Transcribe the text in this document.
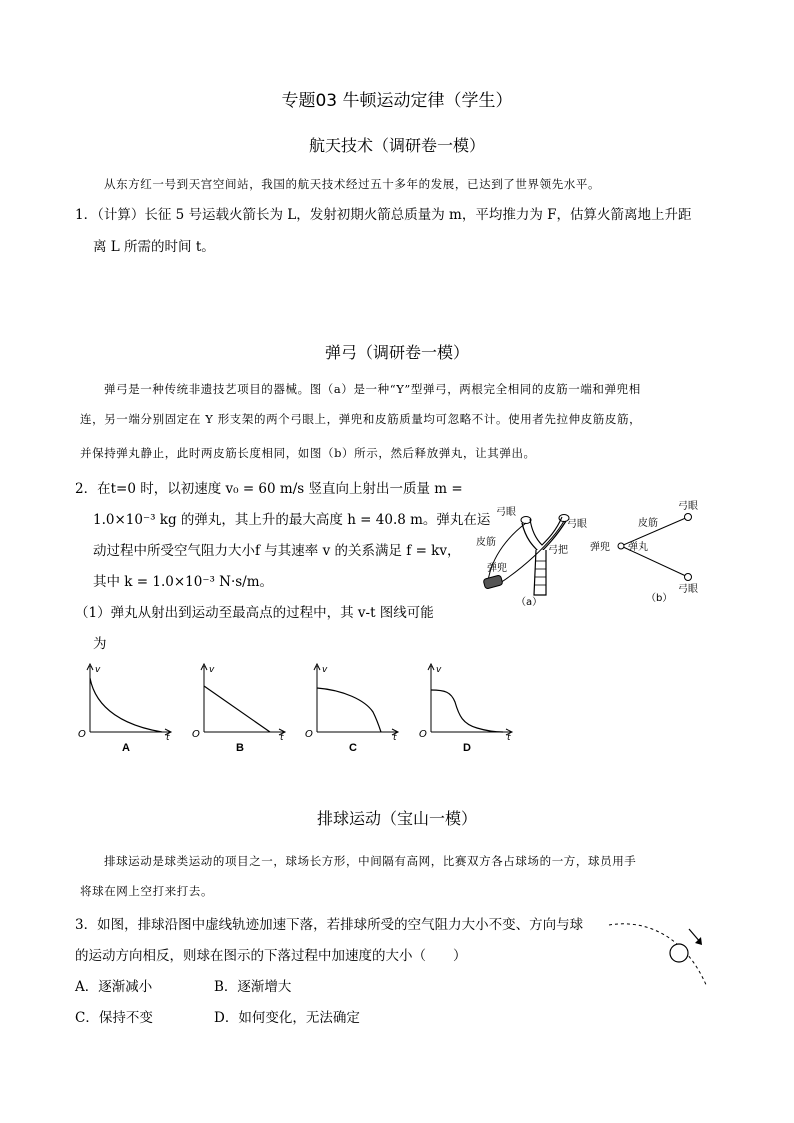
专题03 牛顿运动定律（学生）
航天技术（调研卷一模）
从东方红一号到天宫空间站，我国的航天技术经过五十多年的发展，已达到了世界领先水平。
1．（计算）长征 5 号运载火箭长为 L，发射初期火箭总质量为 m，平均推力为 F，估算火箭离地上升距
离 L 所需的时间 t。
弹弓（调研卷一模）
弹弓是一种传统非遗技艺项目的器械。图（a）是一种“Y”型弹弓，两根完全相同的皮筋一端和弹兜相
连，另一端分别固定在 Y 形支架的两个弓眼上，弹兜和皮筋质量均可忽略不计。使用者先拉伸皮筋皮筋，
并保持弹丸静止，此时两皮筋长度相同，如图（b）所示，然后释放弹丸，让其弹出。
2．在t=0 时，以初速度 v₀ = 60 m/s 竖直向上射出一质量 m =
1.0×10⁻³ kg 的弹丸，其上升的最大高度 h = 40.8 m。弹丸在运
动过程中所受空气阻力大小f 与其速率 v 的关系满足 f = kv，
其中 k = 1.0×10⁻³ N·s/m。
（1）弹丸从射出到运动至最高点的过程中，其 v-t 图线可能
为
弹兜
弓眼
弓眼
皮筋
弓把
（a）
弓眼
弓眼
皮筋
弹兜 弹丸
（b）
v
t
O
A
v
t
O
B
v
t
O
C
v
t
O
D
排球运动（宝山一模）
排球运动是球类运动的项目之一，球场长方形，中间隔有高网，比赛双方各占球场的一方，球员用手
将球在网上空打来打去。
3．如图，排球沿图中虚线轨迹加速下落，若排球所受的空气阻力大小不变、方向与球
的运动方向相反，则球在图示的下落过程中加速度的大小（　　）
A．逐渐减小	B．逐渐增大
C．保持不变	D．如何变化，无法确定
